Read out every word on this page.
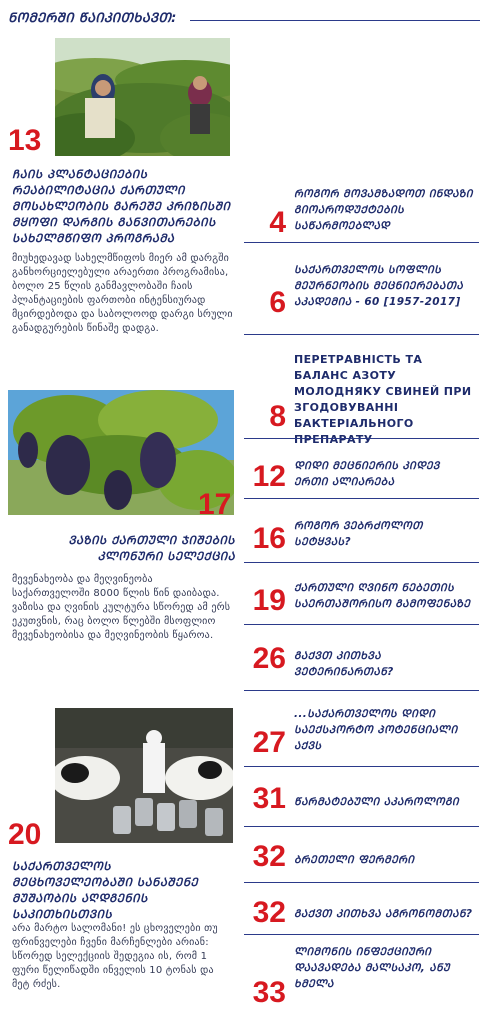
ᲜᲝᲛᲔᲠᲨᲘ ᲬᲐᲘᲙᲘᲗᲮᲐᲕᲗ:
13
ᲩᲐᲘᲡ ᲞᲚᲐᲜᲢᲐᲪᲘᲔᲑᲘᲡ ᲠᲔᲐᲑᲘᲚᲘᲢᲐᲪᲘᲐ ᲥᲐᲠᲗᲣᲚᲘ ᲛᲝᲡᲐᲮᲚᲔᲝᲑᲘᲡ ᲒᲐᲠᲔᲨᲔ ᲙᲠᲘᲖᲘᲡᲨᲘ ᲛᲧᲝᲤᲘ ᲓᲐᲠᲒᲘᲡ ᲒᲐᲜᲕᲘᲗᲐᲠᲔᲑᲘᲡ ᲡᲐᲮᲔᲚᲛᲬᲘᲤᲝ ᲞᲠᲝᲒᲠᲐᲛᲐ

მიუხედავად სახელმწიფოს მიერ ამ დარგში განხორციელებული არაერთი პროგრამისა, ბოლო 25 წლის განმავლობაში ჩაის პლანტაციების ფართობი ინტენსიურად მცირდებოდა და საბოლოოდ დარგი სრული განადგურების წინაშე დადგა.

17
ᲕᲐᲖᲘᲡ ᲥᲐᲠᲗᲣᲚᲘ ᲯᲘᲨᲔᲑᲘᲡ ᲙᲚᲝᲜᲣᲠᲘ ᲡᲔᲚᲔᲥᲪᲘᲐ

მევენახეობა და მეღვინეობა საქართველოში 8000 წლის წინ დაიბადა. ვაზისა და ღვინის კულტურა სწორედ ამ ერს ეკუთვნის, რაც ბოლო წლებში მსოფლიო მევენახეობისა და მეღვინეობის წყაროა.

20
ᲡᲐᲥᲐᲠᲗᲕᲔᲚᲝᲡ ᲛᲔᲪᲮᲝᲕᲔᲚᲔᲝᲑᲐᲨᲘ ᲡᲐᲜᲐᲨᲔᲜᲔ ᲛᲣᲨᲐᲝᲑᲘᲡ ᲐᲦᲓᲒᲔᲜᲘᲡ ᲡᲐᲙᲘᲗᲮᲘᲡᲗᲕᲘᲡ

არა მარტო სალომანი! ეს ცხოველები თუ ფრინველები ჩვენი მარჩენლები არიან: სწორედ სელექციის შედეგია ის, რომ 1 ფური წელიწადში ინველის 10 ტონას და მეტ რძეს.

4
ᲠᲝᲒᲝᲠ ᲛᲝᲕᲐᲛᲖᲐᲓᲝᲗ ᲘᲜᲓᲐᲖᲘ ᲒᲘᲝᲐᲠᲝᲓᲣᲥᲢᲔᲑᲘᲡ ᲡᲐᲬᲐᲠᲛᲝᲔᲑᲚᲐᲓ
6
ᲡᲐᲥᲐᲠᲗᲕᲔᲚᲝᲡ ᲡᲝᲤᲚᲘᲡ ᲛᲔᲣᲠᲜᲔᲝᲑᲘᲡ ᲛᲔᲪᲜᲘᲔᲠᲔᲑᲐᲗᲐ ᲐᲙᲐᲓᲔᲛᲘᲐ - 60 [1957-2017]
8
ПЕРЕТРАВНІСТЬ ТА БАЛАНС АЗОТУ МОЛОДНЯКУ СВИНЕЙ ПРИ ЗГОДОВУВАННІ БАКТЕРІАЛЬНОГО ПРЕПАРАТУ
12 ᲓᲘᲓᲘ ᲛᲔᲪᲜᲘᲔᲠᲘᲡ ᲙᲘᲓᲔᲕ ᲔᲠᲗᲘ ᲐᲚᲘᲐᲠᲔᲑᲐ
16 ᲠᲝᲒᲝᲠ ᲕᲔᲑᲠᲫᲝᲚᲝᲗ ᲡᲔᲢᲧᲕᲐᲡ?
19 ᲥᲐᲠᲗᲣᲚᲘ ᲦᲕᲘᲜᲝ ᲜᲔᲑᲔᲗᲘᲡ ᲡᲐᲔᲠᲗᲐᲨᲝᲠᲘᲡᲝ ᲒᲐᲛᲝᲤᲔᲜᲐᲖᲔ
26 ᲒᲐᲥᲕᲗ ᲙᲘᲗᲮᲕᲐ ᲕᲔᲢᲔᲠᲘᲜᲐᲠᲗᲐᲜ?
27
...ᲡᲐᲥᲐᲠᲗᲕᲔᲚᲝᲡ ᲓᲘᲓᲘ ᲡᲐᲔᲥᲡᲞᲝᲠᲢᲝ ᲞᲝᲢᲔᲜᲪᲘᲐᲚᲘ ᲐᲥᲕᲡ
31 ᲬᲐᲠᲛᲐᲢᲔᲑᲣᲚᲘ ᲐᲙᲐᲠᲝᲚᲝᲒᲘ
32 ᲑᲠᲔᲗᲔᲚᲘ ᲤᲔᲠᲛᲔᲠᲘ
32 ᲒᲐᲥᲕᲗ ᲙᲘᲗᲮᲕᲐ ᲐᲒᲠᲝᲜᲝᲛᲗᲐᲜ?
33
ᲚᲘᲛᲝᲜᲘᲡ ᲘᲜᲤᲔᲥᲪᲘᲣᲠᲘ ᲓᲐᲐᲕᲐᲓᲔᲑᲐ ᲛᲐᲚᲡᲐᲙᲝ, ᲐᲜᲣ ᲮᲛᲔᲚᲐ
